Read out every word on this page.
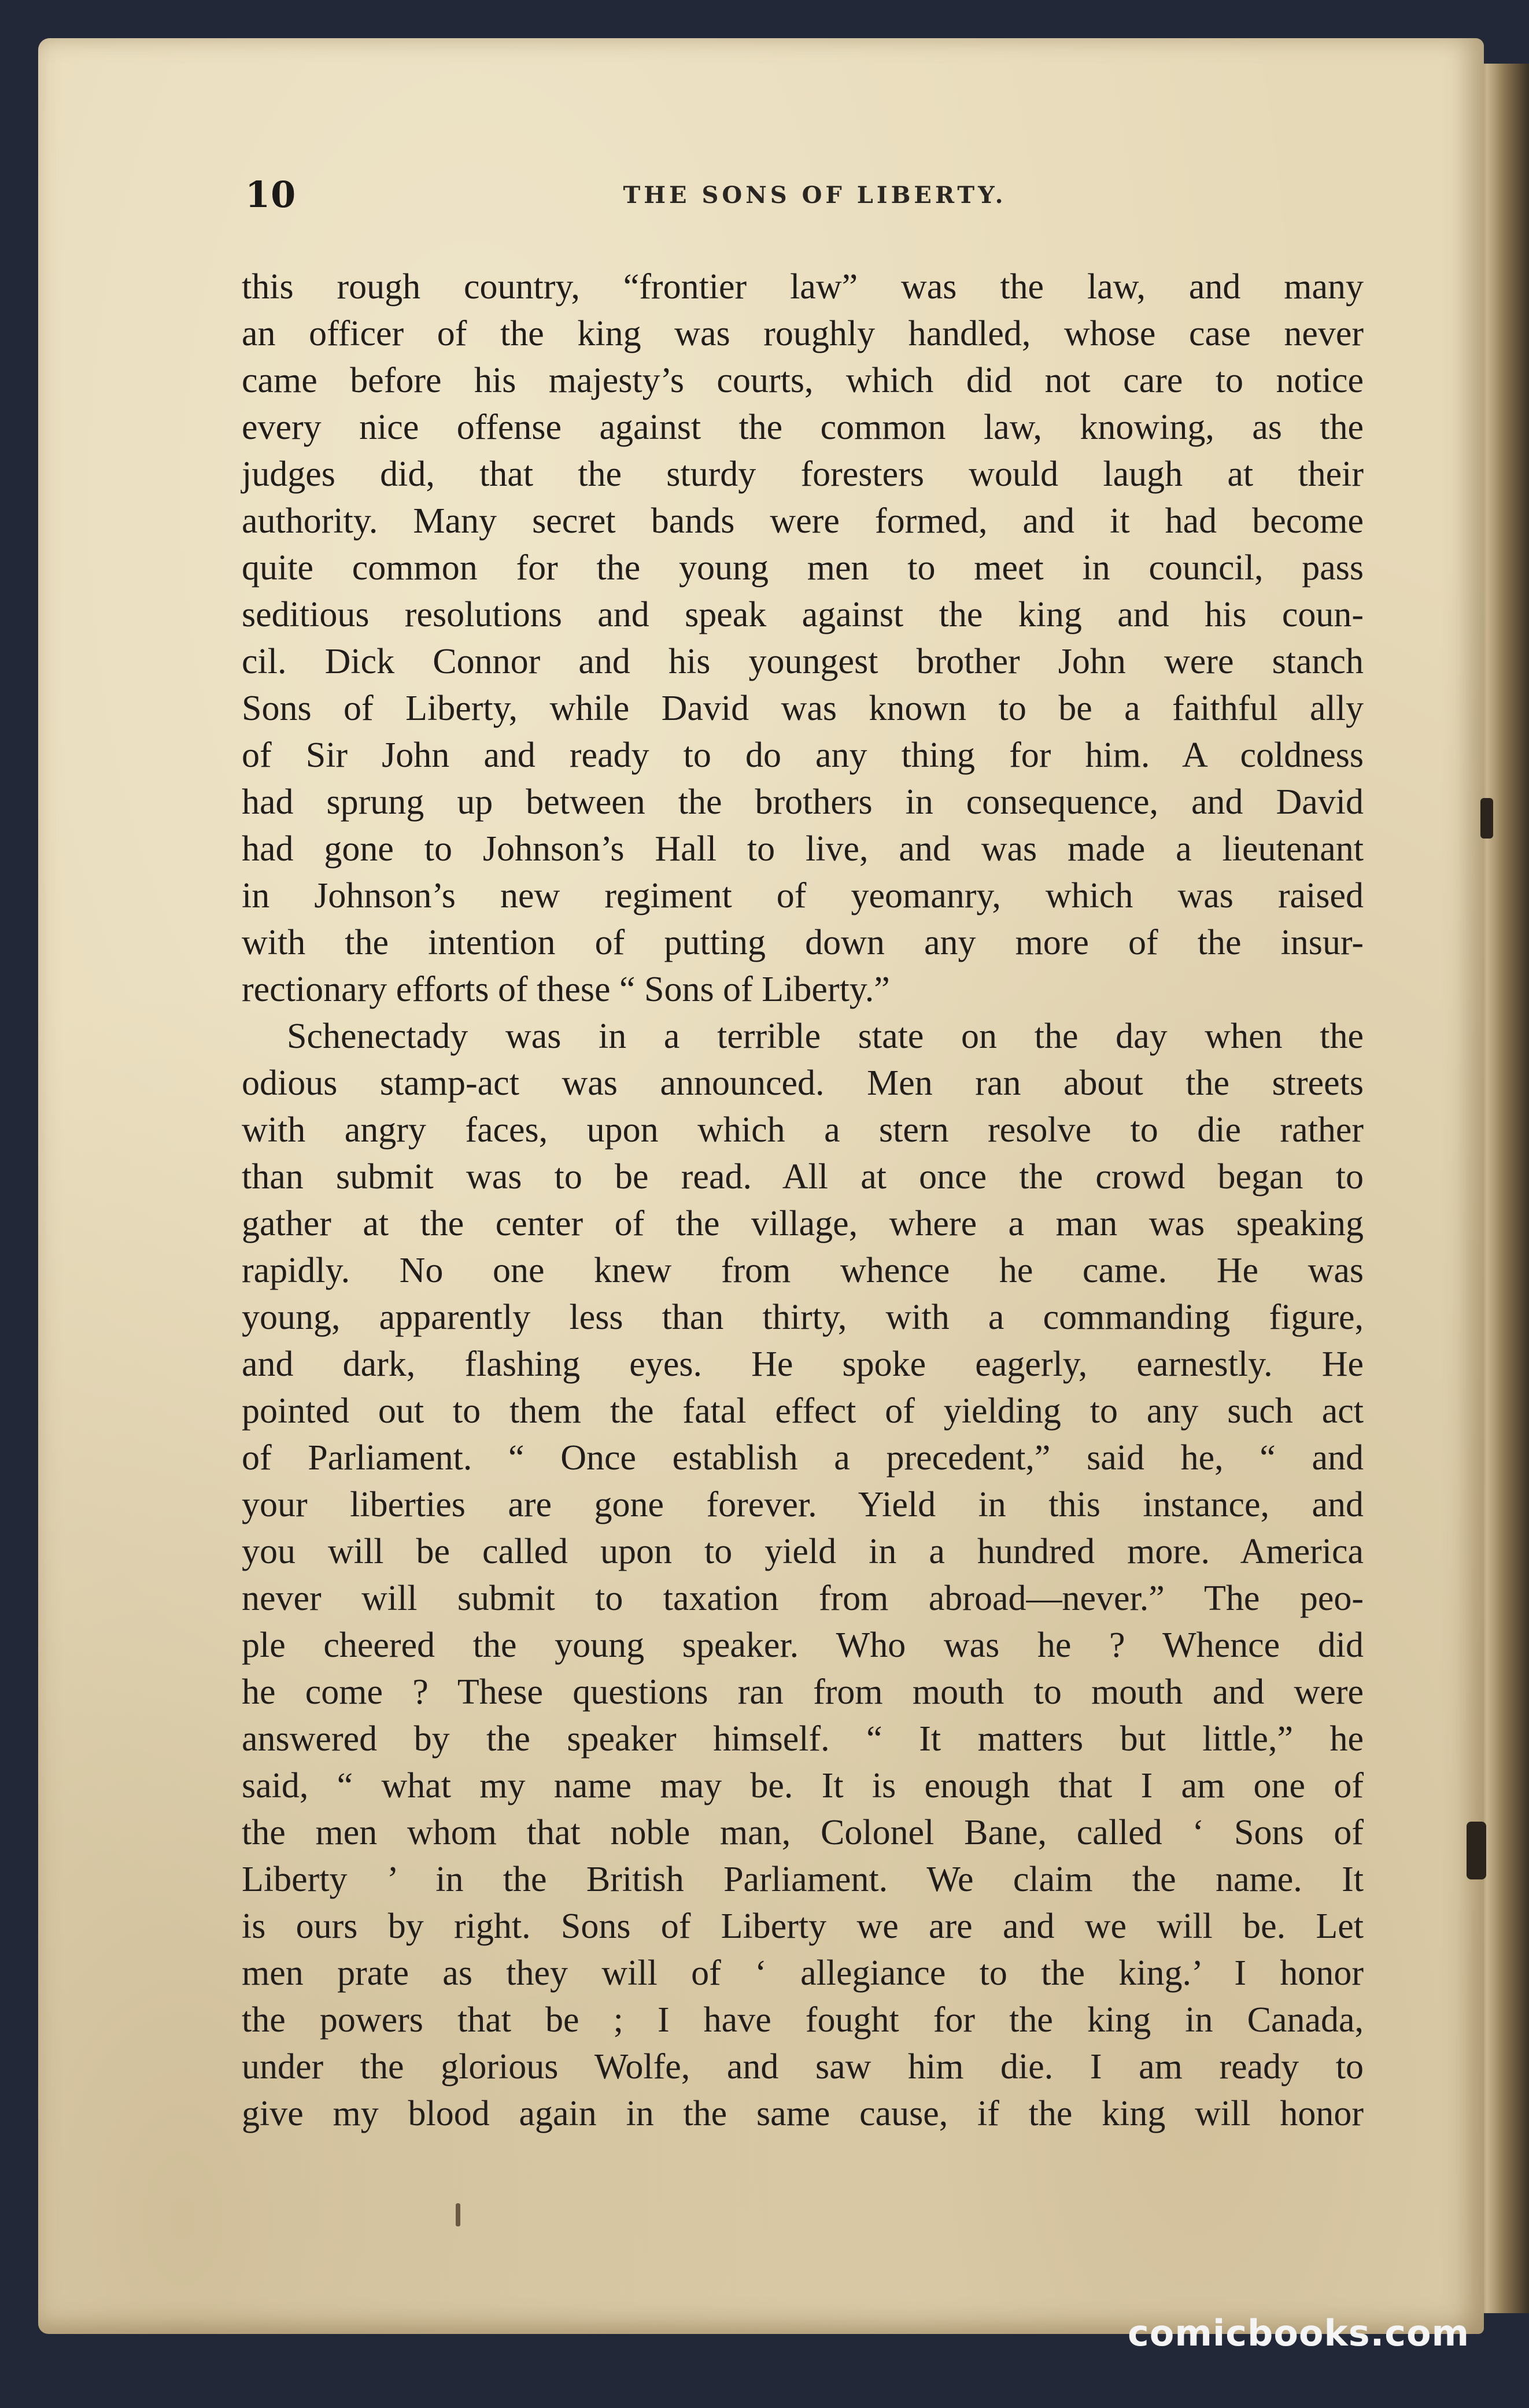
10	THE SONS OF LIBERTY.
this rough country, “frontier law” was the law, and many
an officer of the king was roughly handled, whose case never
came before his majesty’s courts, which did not care to notice
every nice offense against the common law, knowing, as the
judges did, that the sturdy foresters would laugh at their
authority. Many secret bands were formed, and it had become
quite common for the young men to meet in council, pass
seditious resolutions and speak against the king and his coun-
cil. Dick Connor and his youngest brother John were stanch
Sons of Liberty, while David was known to be a faithful ally
of Sir John and ready to do any thing for him. A coldness
had sprung up between the brothers in consequence, and David
had gone to Johnson’s Hall to live, and was made a lieutenant
in Johnson’s new regiment of yeomanry, which was raised
with the intention of putting down any more of the insur-
rectionary efforts of these “ Sons of Liberty.”
Schenectady was in a terrible state on the day when the
odious stamp-act was announced. Men ran about the streets
with angry faces, upon which a stern resolve to die rather
than submit was to be read. All at once the crowd began to
gather at the center of the village, where a man was speaking
rapidly. No one knew from whence he came. He was
young, apparently less than thirty, with a commanding figure,
and dark, flashing eyes. He spoke eagerly, earnestly. He
pointed out to them the fatal effect of yielding to any such act
of Parliament. “ Once establish a precedent,” said he, “ and
your liberties are gone forever. Yield in this instance, and
you will be called upon to yield in a hundred more. America
never will submit to taxation from abroad—never.” The peo-
ple cheered the young speaker. Who was he ? Whence did
he come ? These questions ran from mouth to mouth and were
answered by the speaker himself. “ It matters but little,” he
said, “ what my name may be. It is enough that I am one of
the men whom that noble man, Colonel Bane, called ‘ Sons of
Liberty ’ in the British Parliament. We claim the name. It
is ours by right. Sons of Liberty we are and we will be. Let
men prate as they will of ‘ allegiance to the king.’ I honor
the powers that be ; I have fought for the king in Canada,
under the glorious Wolfe, and saw him die. I am ready to
give my blood again in the same cause, if the king will honor
comicbooks.com
